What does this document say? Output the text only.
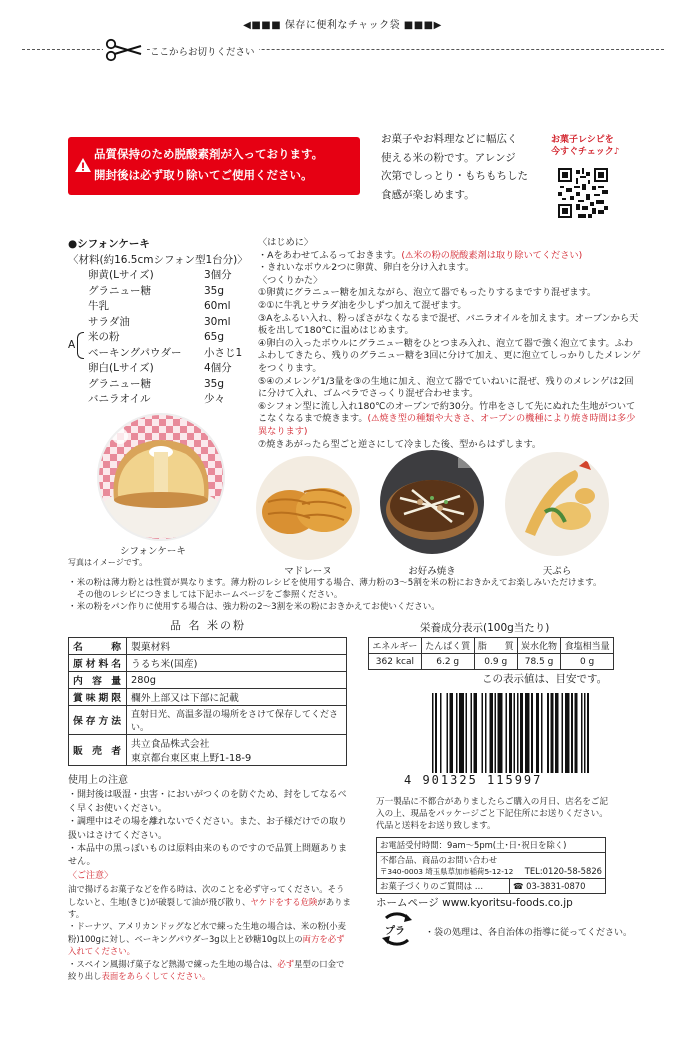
◀■■■ 保存に便利なチャック袋 ■■■▶
ここからお切りください
品質保持のため脱酸素剤が入っております。
開封後は必ず取り除いてご使用ください。
お菓子やお料理などに幅広く
使える米の粉です。アレンジ
次第でしっとり・もちもちした
食感が楽しめます。
お菓子レシピを
今すぐチェック♪
●シフォンケーキ
〈材料(約16.5cmシフォン型1台分)〉
卵黄(Lサイズ)	3個分
グラニュー糖	35g
牛乳	60ml
サラダ油	30ml
A
米の粉	65g
ベーキングパウダー	小さじ1
卵白(Lサイズ)	4個分
グラニュー糖	35g
バニラオイル	少々
〈はじめに〉
・Aをあわせてふるっておきます。(⚠米の粉の脱酸素剤は取り除いてください)
・きれいなボウル2つに卵黄、卵白を分け入れます。
〈つくりかた〉
①卵黄にグラニュー糖を加えながら、泡立て器でもったりするまですり混ぜます。
②①に牛乳とサラダ油を少しずつ加えて混ぜます。
③Aをふるい入れ、粉っぽさがなくなるまで混ぜ、バニラオイルを加えます。オーブンから天板を出して180℃に温めはじめます。
④卵白の入ったボウルにグラニュー糖をひとつまみ入れ、泡立て器で強く泡立てます。ふわふわしてきたら、残りのグラニュー糖を3回に分けて加え、更に泡立てしっかりしたメレンゲをつくります。
⑤④のメレンゲ1/3量を③の生地に加え、泡立て器でていねいに混ぜ、残りのメレンゲは2回に分けて入れ、ゴムベラでさっくり混ぜ合わせます。
⑥シフォン型に流し入れ180℃のオーブンで約30分。竹串をさして先にぬれた生地がついてこなくなるまで焼きます。(⚠焼き型の種類や大きさ、オーブンの機種により焼き時間は多少異なります)
⑦焼きあがったら型ごと逆さにして冷ました後、型からはずします。
シフォンケーキ
写真はイメージです。
マドレーヌ	お好み焼き	天ぷら
・米の粉は薄力粉とは性質が異なります。薄力粉のレシピを使用する場合、薄力粉の3〜5割を米の粉におきかえてお楽しみいただけます。
　その他のレシピにつきましては下記ホームページをご参照ください。
・米の粉をパン作りに使用する場合は、強力粉の2〜3割を米の粉におきかえてお使いください。
品 名 米の粉
名称	製菓材料
原材料名	うるち米(国産)
内容量	280g
賞味期限	欄外上部又は下部に記載
保存方法	直射日光、高温多湿の場所をさけて保存してください。
販売者	共立食品株式会社
東京都台東区東上野1-18-9
栄養成分表示(100g当たり)
エネルギー	たんぱく質	脂　　質	炭水化物	食塩相当量
362 kcal	6.2 g	0.9 g	78.5 g	0 g
この表示値は、目安です。
4 901325 115997
使用上の注意
・開封後は吸湿・虫害・においがつくのを防ぐため、封をしてなるべく早くお使いください。
・調理中はその場を離れないでください。また、お子様だけでの取り扱いはさけてください。
・本品中の黒っぽいものは原料由来のものですので品質上問題ありません。
〈ご注意〉
油で揚げるお菓子などを作る時は、次のことを必ず守ってください。そうしないと、生地(きじ)が破裂して油が飛び散り、ヤケドをする危険があります。
・ドーナツ、アメリカンドッグなど水で練った生地の場合は、米の粉(小麦粉)100gに対し、ベーキングパウダー3g以上と砂糖10g以上の両方を必ず入れてください。
・スペイン風揚げ菓子など熱湯で練った生地の場合は、必ず星型の口金で絞り出し表面をあらくしてください。
万一製品に不都合がありましたらご購入の月日、店名をご記入の上、現品をパッケージごと下記住所にお送りください。代品と送料をお送り致します。
お電話受付時間：9am〜5pm(土･日･祝日を除く)

不都合品、商品のお問い合わせ
〒340-0003 埼玉県草加市稲荷5-12-12 TEL:0120-58-5826

お菓子づくりのご質問は …	☎ 03-3831-0870
ホームページ www.kyoritsu-foods.co.jp
プラ ・袋の処理は、各自治体の指導に従ってください。
